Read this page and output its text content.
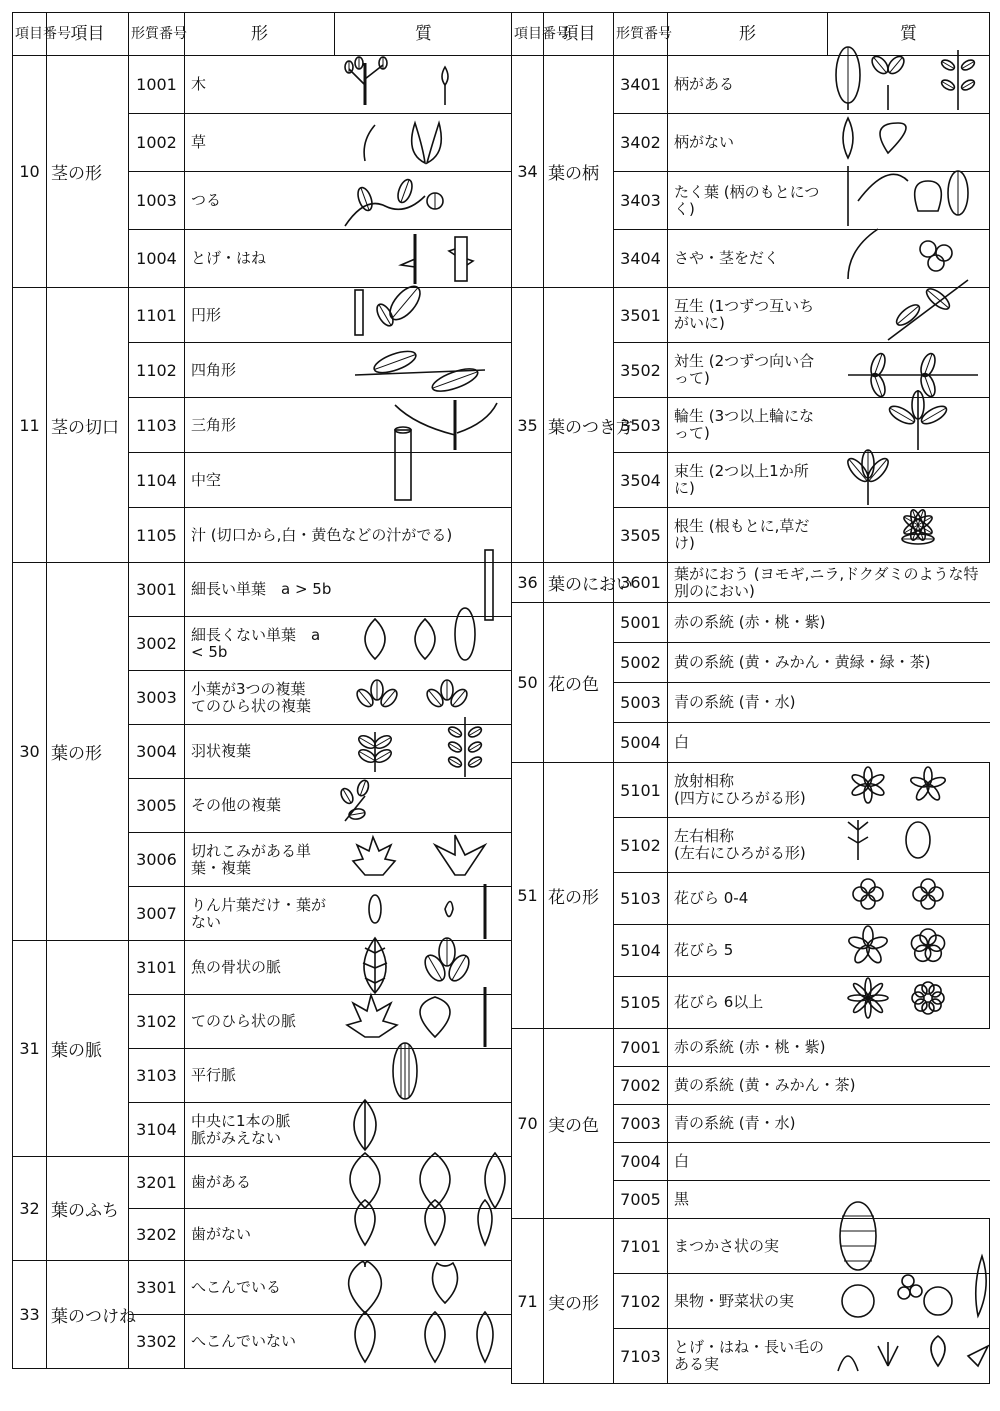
項目番号	項目	形質番号	形	質
10	茎の形	1001	木	

		1002	草	

		1003	つる	

		1004	とげ・はね	

11	茎の切口	1101	円形	

		1102	四角形	

		1103	三角形	

		1104	中空	

		1105	汁 (切口から,白・黄色などの汁がでる)	
30	葉の形	3001	細長い単葉　a > 5b	

		3002	細長くない単葉　a < 5b	

		3003	小葉が3つの複葉
てのひら状の複葉	

		3004	羽状複葉	

		3005	その他の複葉	

		3006	切れこみがある単葉・複葉	

		3007	りん片葉だけ・葉がない	

31	葉の脈	3101	魚の骨状の脈	

		3102	てのひら状の脈	

		3103	平行脈	

		3104	中央に1本の脈
脈がみえない	

32	葉のふち	3201	歯がある	

		3202	歯がない	

33	葉のつけね	3301	へこんでいる	

		3302	へこんでいない	
項目番号	項目	形質番号	形	質
34	葉の柄	3401	柄がある	

		3402	柄がない	

		3403	たく葉 (柄のもとにつく)	

		3404	さや・茎をだく	

35	葉のつき方	3501	互生 (1つずつ互いちがいに)	

		3502	対生 (2つずつ向い合って)	

		3503	輪生 (3つ以上輪になって)	

		3504	束生 (2つ以上1か所に)	

		3505	根生 (根もとに,草だけ)	

36	葉のにおい	3601	葉がにおう (ヨモギ,ニラ,ドクダミのような特別のにおい)	
50	花の色	5001	赤の系統 (赤・桃・紫)	
		5002	黄の系統 (黄・みかん・黄緑・緑・茶)	
		5003	青の系統 (青・水)	
		5004	白	
51	花の形	5101	放射相称
(四方にひろがる形)	

		5102	左右相称
(左右にひろがる形)	

		5103	花びら 0-4	

		5104	花びら 5	

		5105	花びら 6以上	

70	実の色	7001	赤の系統 (赤・桃・紫)	
		7002	黄の系統 (黄・みかん・茶)	
		7003	青の系統 (青・水)	
		7004	白	
		7005	黒	
71	実の形	7101	まつかさ状の実	

		7102	果物・野菜状の実	

		7103	とげ・はね・長い毛のある実	
